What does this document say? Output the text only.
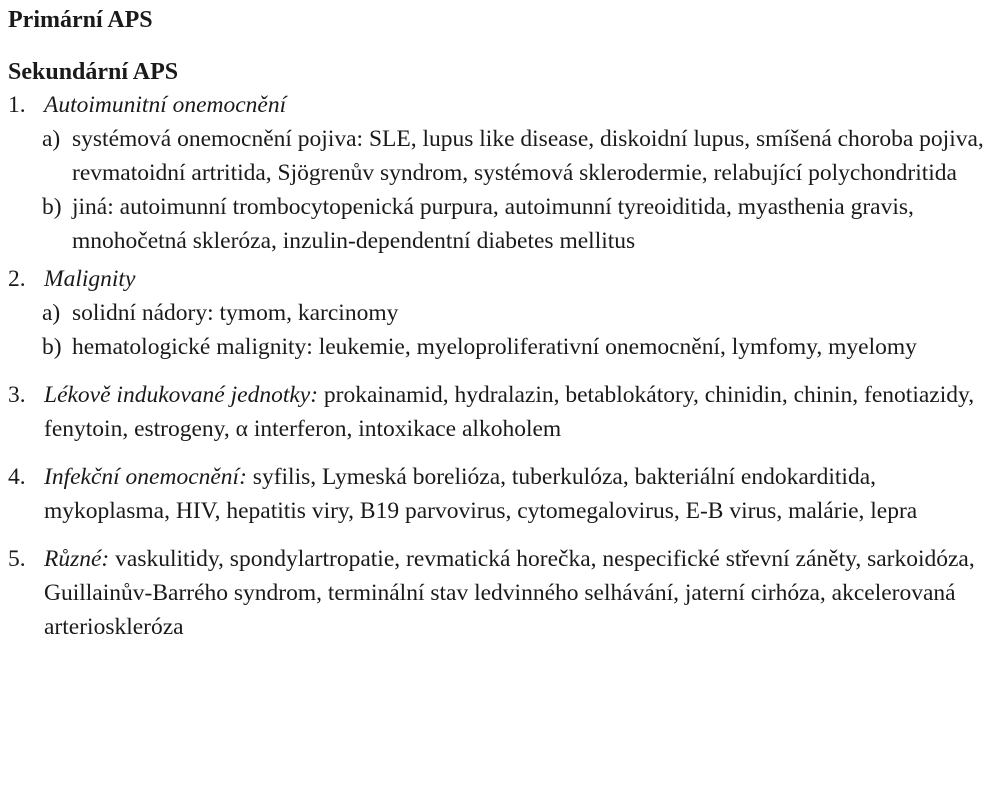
Primární APS

Sekundární APS

1. Autoimunitní onemocnění
a) systémová onemocnění pojiva: SLE, lupus like disease, diskoidní lupus, smíšená choroba pojiva, revmatoidní artritida, Sjögrenův syndrom, systémová sklerodermie, relabující polychondritida
b) jiná: autoimunní trombocytopenická purpura, autoimunní tyreoiditida, myasthenia gravis, mnohočetná skleróza, inzulin-dependentní diabetes mellitus
2. Malignity
a) solidní nádory: tymom, karcinomy
b) hematologické malignity: leukemie, myeloproliferativní onemocnění, lymfomy, myelomy
3. Lékově indukované jednotky: prokainamid, hydralazin, betablokátory, chinidin, chinin, fenotiazidy, fenytoin, estrogeny, α interferon, intoxikace alkoholem
4. Infekční onemocnění: syfilis, Lymeská borelióza, tuberkulóza, bakteriální endokarditida, mykoplasma, HIV, hepatitis viry, B19 parvovirus, cytomegalovirus, E-B virus, malárie, lepra
5. Různé: vaskulitidy, spondylartropatie, revmatická horečka, nespecifické střevní záněty, sarkoidóza, Guillainův-Barrého syndrom, terminální stav ledvinného selhávání, jaterní cirhóza, akcelerovaná arterioskleróza
